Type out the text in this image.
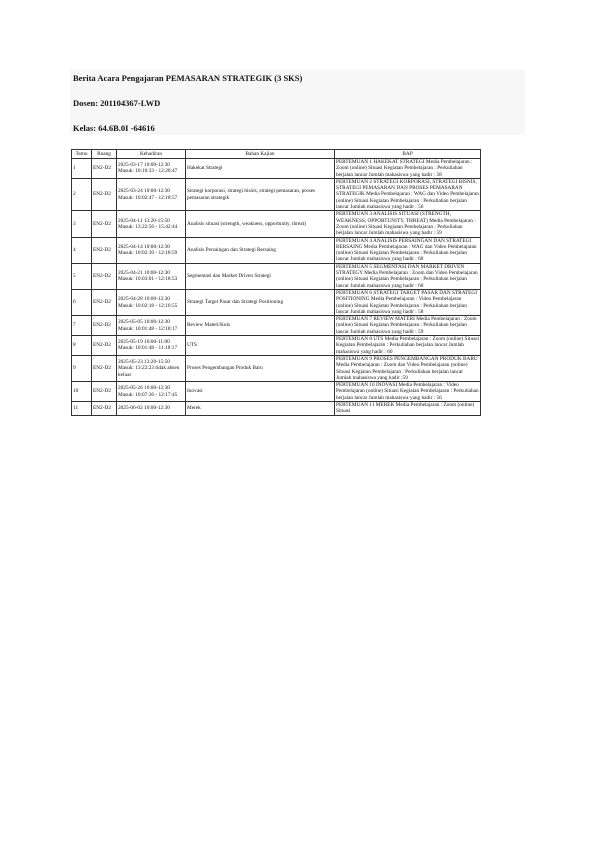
Berita Acara Pengajaran PEMASARAN STRATEGIK (3 SKS)
Dosen: 201104367-LWD
Kelas: 64.6B.0I -64616
Temu	Ruang	Kehadiran	Bahan Kajian	BAP
1	EN2-D2	2025-03-17 10:00-12:30 Masuk: 10:10:33 - 12:20:47	Hakekat Strategi	PERTEMUAN 1 HAKEKAT STRATEGI Media Pembelajaran : Zoom (online) Situasi Kegiatan Pembelajaran : Perkuliahan berjalan lancar Jumlah mahasiswa yang hadir : 58
2	EN2-D2	2025-03-24 10:00-12:30 Masuk: 10:02:47 - 12:18:57	Strategi korporasi, strategi bisnis, strategi pemasaran, proses pemasaran strategik	PERTEMUAN 2 STRATEGI KORPORASI, STRATEGI BISNIS, STRATEGI PEMASARAN DAN PROSES PEMASARAN STRATEGIK Media Pembelajaran : WAG dan Video Pembelajaran (online) Situasi Kegiatan Pembelajaran : Perkuliahan berjalan lancar Jumlah mahasiswa yang hadir : 56
3	EN2-D2	2025-04-11 13:20-15:50 Masuk: 13:22:56 - 15:42:44	Analisis situasi (strength, weakness, opportunity, threat)	PERTEMUAN 3 ANALISIS SITUASI (STRENGTH, WEAKNESS, OPPORTUNITY, THREAT) Media Pembelajaran : Zoom (online) Situasi Kegiatan Pembelajaran : Perkuliahan berjalan lancar Jumlah mahasiswa yang hadir : 59
4	EN2-D2	2025-04-14 10:00-12:30 Masuk: 10:02:10 - 12:18:59	Analisis Persaingan dan Strategi Bersaing	PERTEMUAN 4 ANALISIS PERSAINGAN DAN STRATEGI BERSAING Media Pembelajaran : WAG dan Video Pembelajaran (online) Situasi Kegiatan Pembelajaran : Perkuliahan berjalan lancar Jumlah mahasiswa yang hadir : 60
5	EN2-D2	2025-04-21 10:00-12:30 Masuk: 10:03:01 - 12:18:53	Segmentasi dan Market Driven Strategi	PERTEMUAN 5 SEGMENTASI DAN MARKET DRIVEN STRATEGY Media Pembelajaran : Zoom dan Video Pembelajaran (online) Situasi Kegiatan Pembelajaran : Perkuliahan berjalan lancar Jumlah mahasiswa yang hadir : 60
6	EN2-D2	2025-04-28 10:00-12:30 Masuk: 10:02:18 - 12:16:55	Strategi Target Pasar dan Strategi Positioning	PERTEMUAN 6 STRATEGI TARGET PASAR DAN STRATEGI POSITIONING Media Pembelajaran : Video Pembelajaran (online) Situasi Kegiatan Pembelajaran : Perkuliahan berjalan lancar Jumlah mahasiswa yang hadir : 58
7	EN2-D2	2025-05-05 10:00-12:30 Masuk: 10:01:48 - 12:18:17	Review Materi/Kuis	PERTEMUAN 7 REVIEW MATERI Media Pembelajaran : Zoom (online) Situasi Kegiatan Pembelajaran : Perkuliahan berjalan lancar Jumlah mahasiswa yang hadir : 59
8	EN2-D2	2025-05-19 10:00-11:00 Masuk: 10:01:48 - 11:18:17	UTS	PERTEMUAN 8 UTS Media Pembelajaran : Zoom (online) Situasi Kegiatan Pembelajaran : Perkuliahan berjalan lancar Jumlah mahasiswa yang hadir : 60
9	EN2-D2	2025-05-23 13:20-15:50 Masuk: 13:22:23 tidak absen keluar	Proses Pengembangan Produk Baru	PERTEMUAN 9 PROSES PENGEMBANGAN PRODUK BARU Media Pembelajaran : Zoom dan Video Pembelajaran (online) Situasi Kegiatan Pembelajaran : Perkuliahan berjalan lancar Jumlah mahasiswa yang hadir :59
10	EN2-D2	2025-05-26 10:00-12:30 Masuk: 10:07:36 - 12:17:45	Inovasi	PERTEMUAN 10 INOVASI Media Pembelajaran : Video Pembelajaran (online) Situasi Kegiatan Pembelajaran : Perkuliahan berjalan lancar Jumlah mahasiswa yang hadir : 56
11	EN2-D2	2025-06-02 10:00-12:30	Merek	PERTEMUAN 11 MEREK Media Pembelajaran : Zoom (online) Situasi
